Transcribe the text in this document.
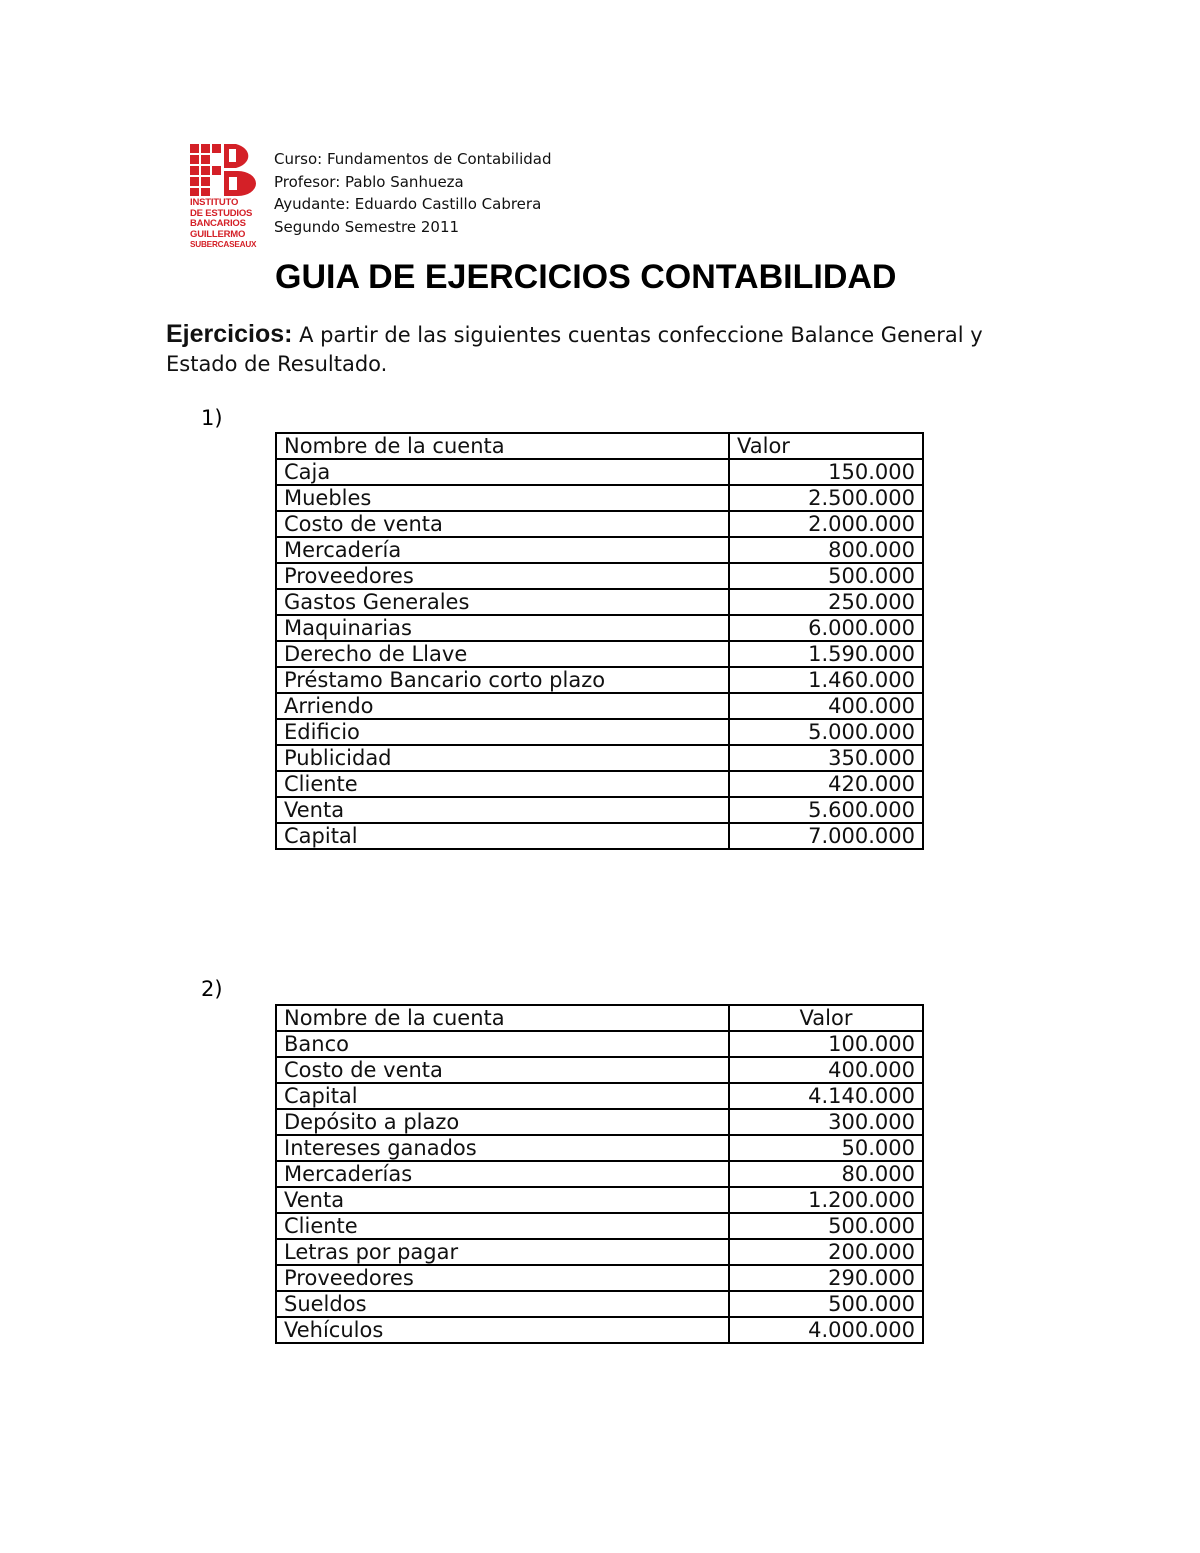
INSTITUTO
DE ESTUDIOS
BANCARIOS
GUILLERMO
SUBERCASEAUX
Curso: Fundamentos de Contabilidad
Profesor: Pablo Sanhueza
Ayudante: Eduardo Castillo Cabrera
Segundo Semestre 2011
GUIA DE EJERCICIOS CONTABILIDAD
Ejercicios: A partir de las siguientes cuentas confeccione Balance General y Estado de Resultado.
1)
Nombre de la cuenta	Valor
Caja	150.000
Muebles	2.500.000
Costo de venta	2.000.000
Mercadería	800.000
Proveedores	500.000
Gastos Generales	250.000
Maquinarias	6.000.000
Derecho de Llave	1.590.000
Préstamo Bancario corto plazo	1.460.000
Arriendo	400.000
Edificio	5.000.000
Publicidad	350.000
Cliente	420.000
Venta	5.600.000
Capital	7.000.000
2)
Nombre de la cuenta	Valor
Banco	100.000
Costo de venta	400.000
Capital	4.140.000
Depósito a plazo	300.000
Intereses ganados	50.000
Mercaderías	80.000
Venta	1.200.000
Cliente	500.000
Letras por pagar	200.000
Proveedores	290.000
Sueldos	500.000
Vehículos	4.000.000
